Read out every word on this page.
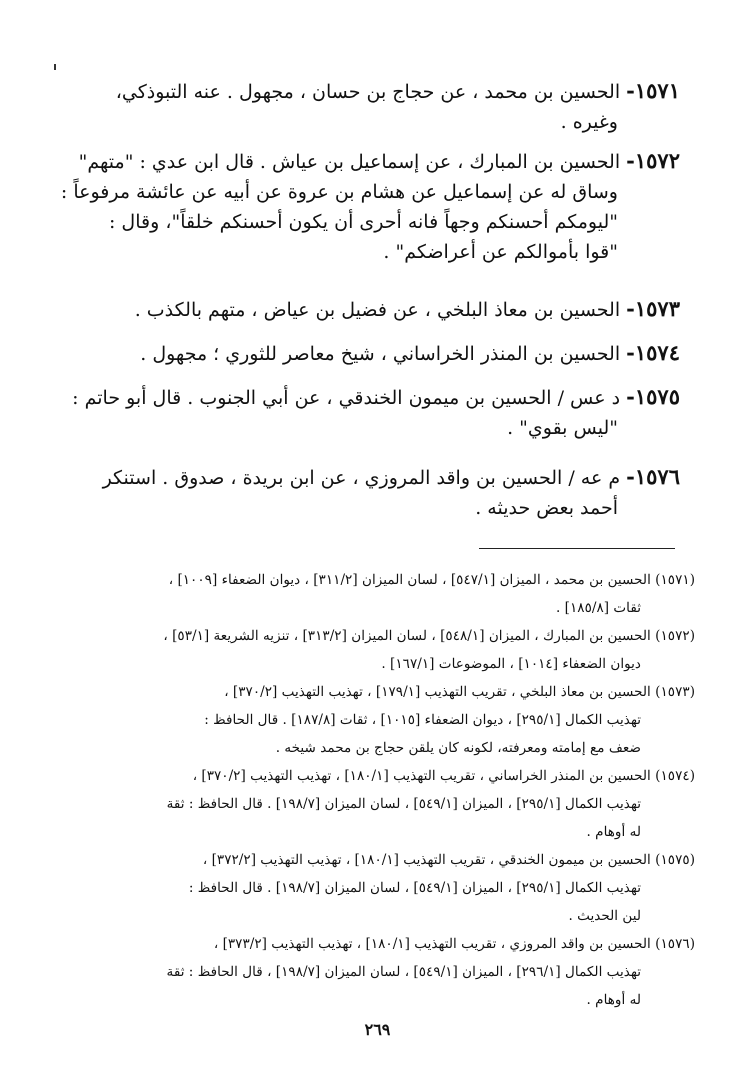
١٥٧١- الحسين بن محمد ، عن حجاج بن حسان ، مجهول . عنه التبوذكي،
وغيره .
١٥٧٢- الحسين بن المبارك ، عن إسماعيل بن عياش . قال ابن عدي : "متهم"
وساق له عن إسماعيل عن هشام بن عروة عن أبيه عن عائشة مرفوعاً :
"ليومكم أحسنكم وجهاً فانه أحرى أن يكون أحسنكم خلقاً"، وقال :
"قوا بأموالكم عن أعراضكم" .
١٥٧٣- الحسين بن معاذ البلخي ، عن فضيل بن عياض ، متهم بالكذب .
١٥٧٤- الحسين بن المنذر الخراساني ، شيخ معاصر للثوري ؛ مجهول .
١٥٧٥- د عس / الحسين بن ميمون الخندقي ، عن أبي الجنوب . قال أبو حاتم :
"ليس بقوي" .
١٥٧٦- م عه / الحسين بن واقد المروزي ، عن ابن بريدة ، صدوق . استنكر
أحمد بعض حديثه .
(١٥٧١) الحسين بن محمد ، الميزان [٥٤٧/١] ، لسان الميزان [٣١١/٢] ، ديوان الضعفاء [١٠٠٩] ،
ثقات [١٨٥/٨] .
(١٥٧٢) الحسين بن المبارك ، الميزان [٥٤٨/١] ، لسان الميزان [٣١٣/٢] ، تنزيه الشريعة [٥٣/١] ،
ديوان الضعفاء [١٠١٤] ، الموضوعات [١٦٧/١] .
(١٥٧٣) الحسين بن معاذ البلخي ، تقريب التهذيب [١٧٩/١] ، تهذيب التهذيب [٣٧٠/٢] ،
تهذيب الكمال [٢٩٥/١] ، ديوان الضعفاء [١٠١٥] ، ثقات [١٨٧/٨] . قال الحافظ :
ضعف مع إمامته ومعرفته، لكونه كان يلقن حجاج بن محمد شيخه .
(١٥٧٤) الحسين بن المنذر الخراساني ، تقريب التهذيب [١٨٠/١] ، تهذيب التهذيب [٣٧٠/٢] ،
تهذيب الكمال [٢٩٥/١] ، الميزان [٥٤٩/١] ، لسان الميزان [١٩٨/٧] . قال الحافظ : ثقة
له أوهام .
(١٥٧٥) الحسين بن ميمون الخندقي ، تقريب التهذيب [١٨٠/١] ، تهذيب التهذيب [٣٧٢/٢] ،
تهذيب الكمال [٢٩٥/١] ، الميزان [٥٤٩/١] ، لسان الميزان [١٩٨/٧] . قال الحافظ :
لين الحديث .
(١٥٧٦) الحسين بن واقد المروزي ، تقريب التهذيب [١٨٠/١] ، تهذيب التهذيب [٣٧٣/٢] ،
تهذيب الكمال [٢٩٦/١] ، الميزان [٥٤٩/١] ، لسان الميزان [١٩٨/٧] ، قال الحافظ : ثقة
له أوهام .
٢٦٩
